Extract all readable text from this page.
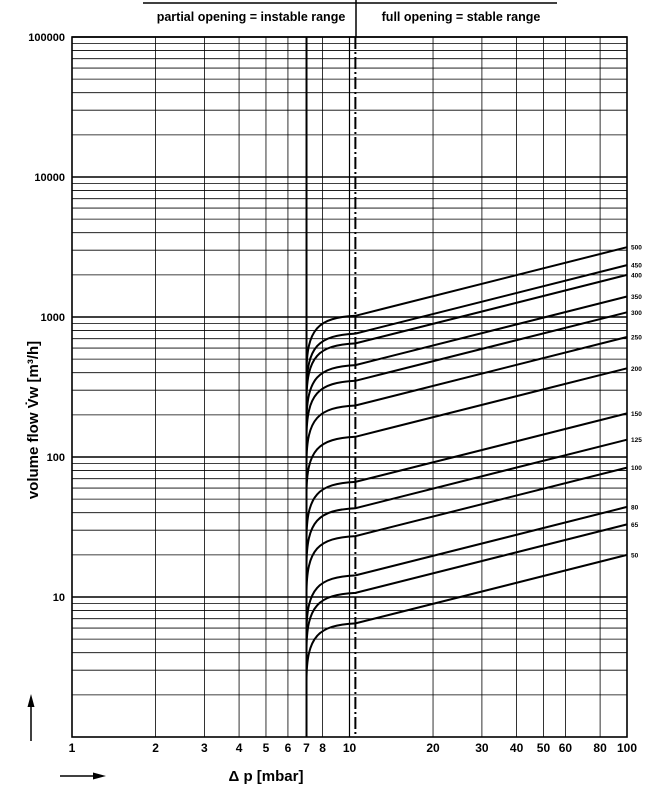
50
65
80
100
125
150
200
250
300
350
400
450
500
10
100
1000
10000
100000
1	2	3 4 5 6 7 8 10	20	30 40 50 60 80 100
partial opening = instable range	full opening = stable range
volume flow V̇w [m³/h]
Δ p [mbar]
